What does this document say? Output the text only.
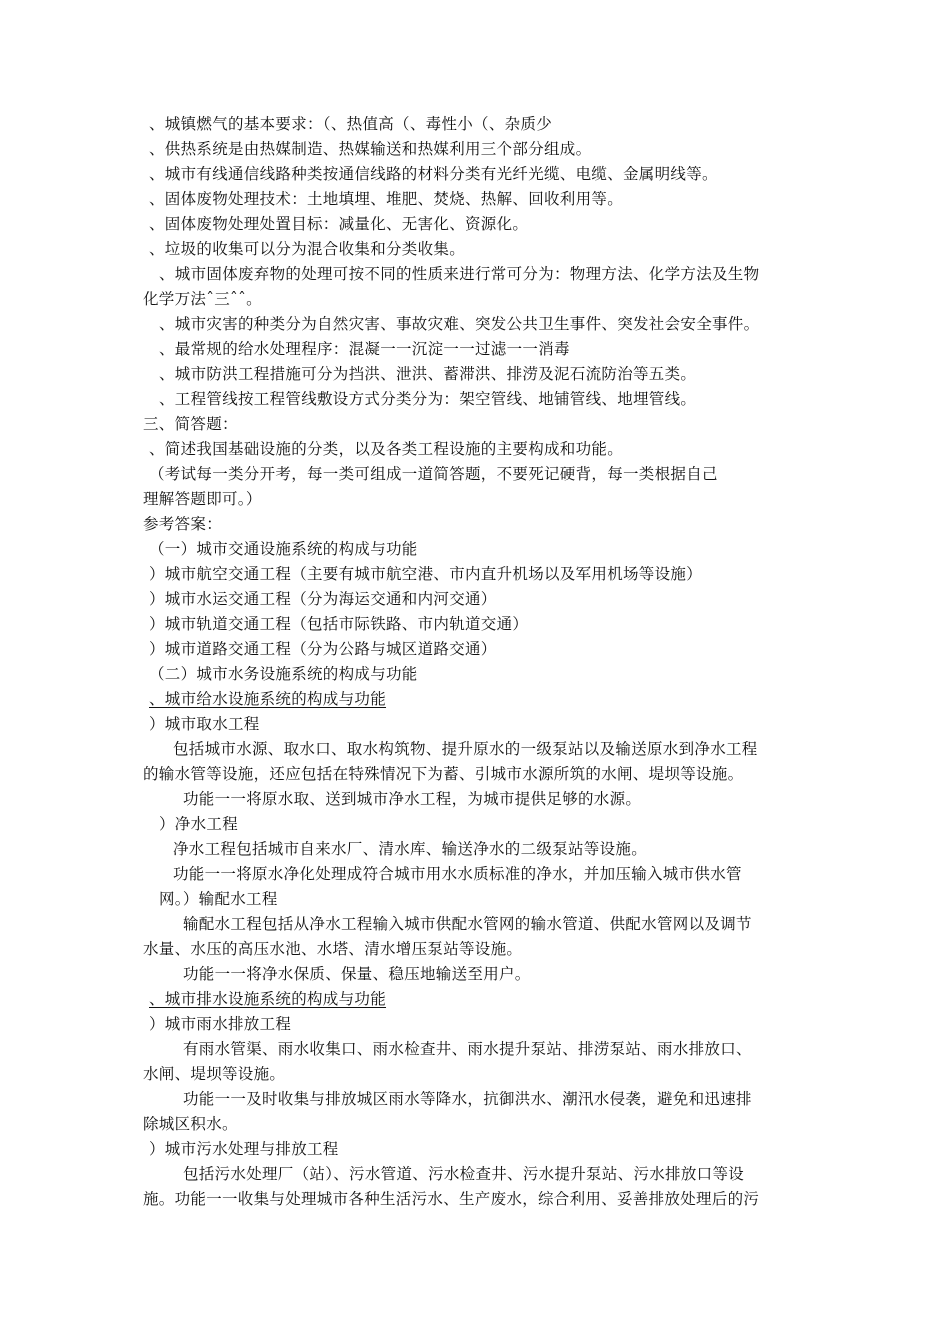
、城镇燃气的基本要求：（、热值高（、毒性小（、杂质少
、供热系统是由热媒制造、热媒输送和热媒利用三个部分组成。
、城市有线通信线路种类按通信线路的材料分类有光纤光缆、电缆、金属明线等。
、固体废物处理技术：土地填埋、堆肥、焚烧、热解、回收利用等。
、固体废物处理处置目标：减量化、无害化、资源化。
、垃圾的收集可以分为混合收集和分类收集。
、城市固体废弃物的处理可按不同的性质来进行常可分为：物理方法、化学方法及生物
化学万法ˆ三ˆˆ。
、城市灾害的种类分为自然灾害、事故灾难、突发公共卫生事件、突发社会安全事件。
、最常规的给水处理程序：混凝一一沉淀一一过滤一一消毒
、城市防洪工程措施可分为挡洪、泄洪、蓄滞洪、排涝及泥石流防治等五类。
、工程管线按工程管线敷设方式分类分为：架空管线、地铺管线、地埋管线。
三、简答题：
、简述我国基础设施的分类，以及各类工程设施的主要构成和功能。
（考试每一类分开考，每一类可组成一道简答题，不要死记硬背，每一类根据自己
理解答题即可。）
参考答案：
（一）城市交通设施系统的构成与功能
）城市航空交通工程（主要有城市航空港、市内直升机场以及军用机场等设施）
）城市水运交通工程（分为海运交通和内河交通）
）城市轨道交通工程（包括市际铁路、市内轨道交通）
）城市道路交通工程（分为公路与城区道路交通）
（二）城市水务设施系统的构成与功能
、城市给水设施系统的构成与功能
）城市取水工程
包括城市水源、取水口、取水构筑物、提升原水的一级泵站以及输送原水到净水工程
的输水管等设施，还应包括在特殊情况下为蓄、引城市水源所筑的水闸、堤坝等设施。
功能一一将原水取、送到城市净水工程，为城市提供足够的水源。
）净水工程
净水工程包括城市自来水厂、清水库、输送净水的二级泵站等设施。
功能一一将原水净化处理成符合城市用水水质标准的净水，并加压输入城市供水管
网。）输配水工程
输配水工程包括从净水工程输入城市供配水管网的输水管道、供配水管网以及调节
水量、水压的高压水池、水塔、清水增压泵站等设施。
功能一一将净水保质、保量、稳压地输送至用户。
、城市排水设施系统的构成与功能
）城市雨水排放工程
有雨水管渠、雨水收集口、雨水检查井、雨水提升泵站、排涝泵站、雨水排放口、
水闸、堤坝等设施。
功能一一及时收集与排放城区雨水等降水，抗御洪水、潮汛水侵袭，避免和迅速排
除城区积水。
）城市污水处理与排放工程
包括污水处理厂（站）、污水管道、污水检查井、污水提升泵站、污水排放口等设
施。功能一一收集与处理城市各种生活污水、生产废水，综合利用、妥善排放处理后的污
